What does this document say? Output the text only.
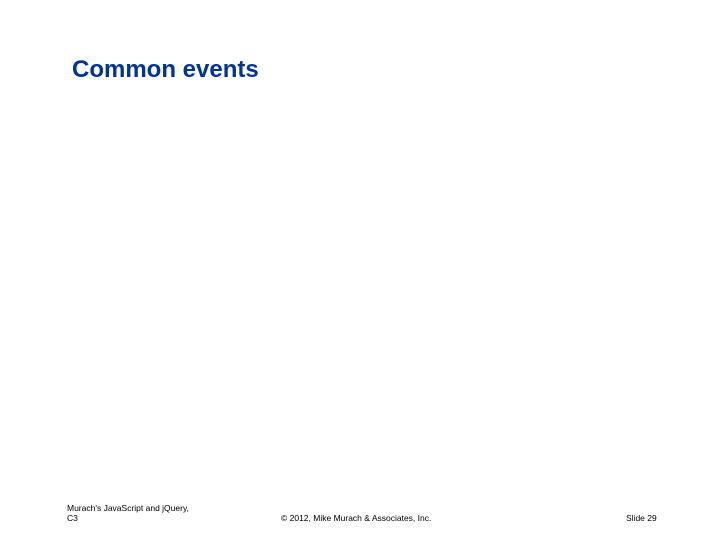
Common events
Murach's JavaScript and jQuery,
C3	© 2012, Mike Murach & Associates, Inc.	Slide 29
